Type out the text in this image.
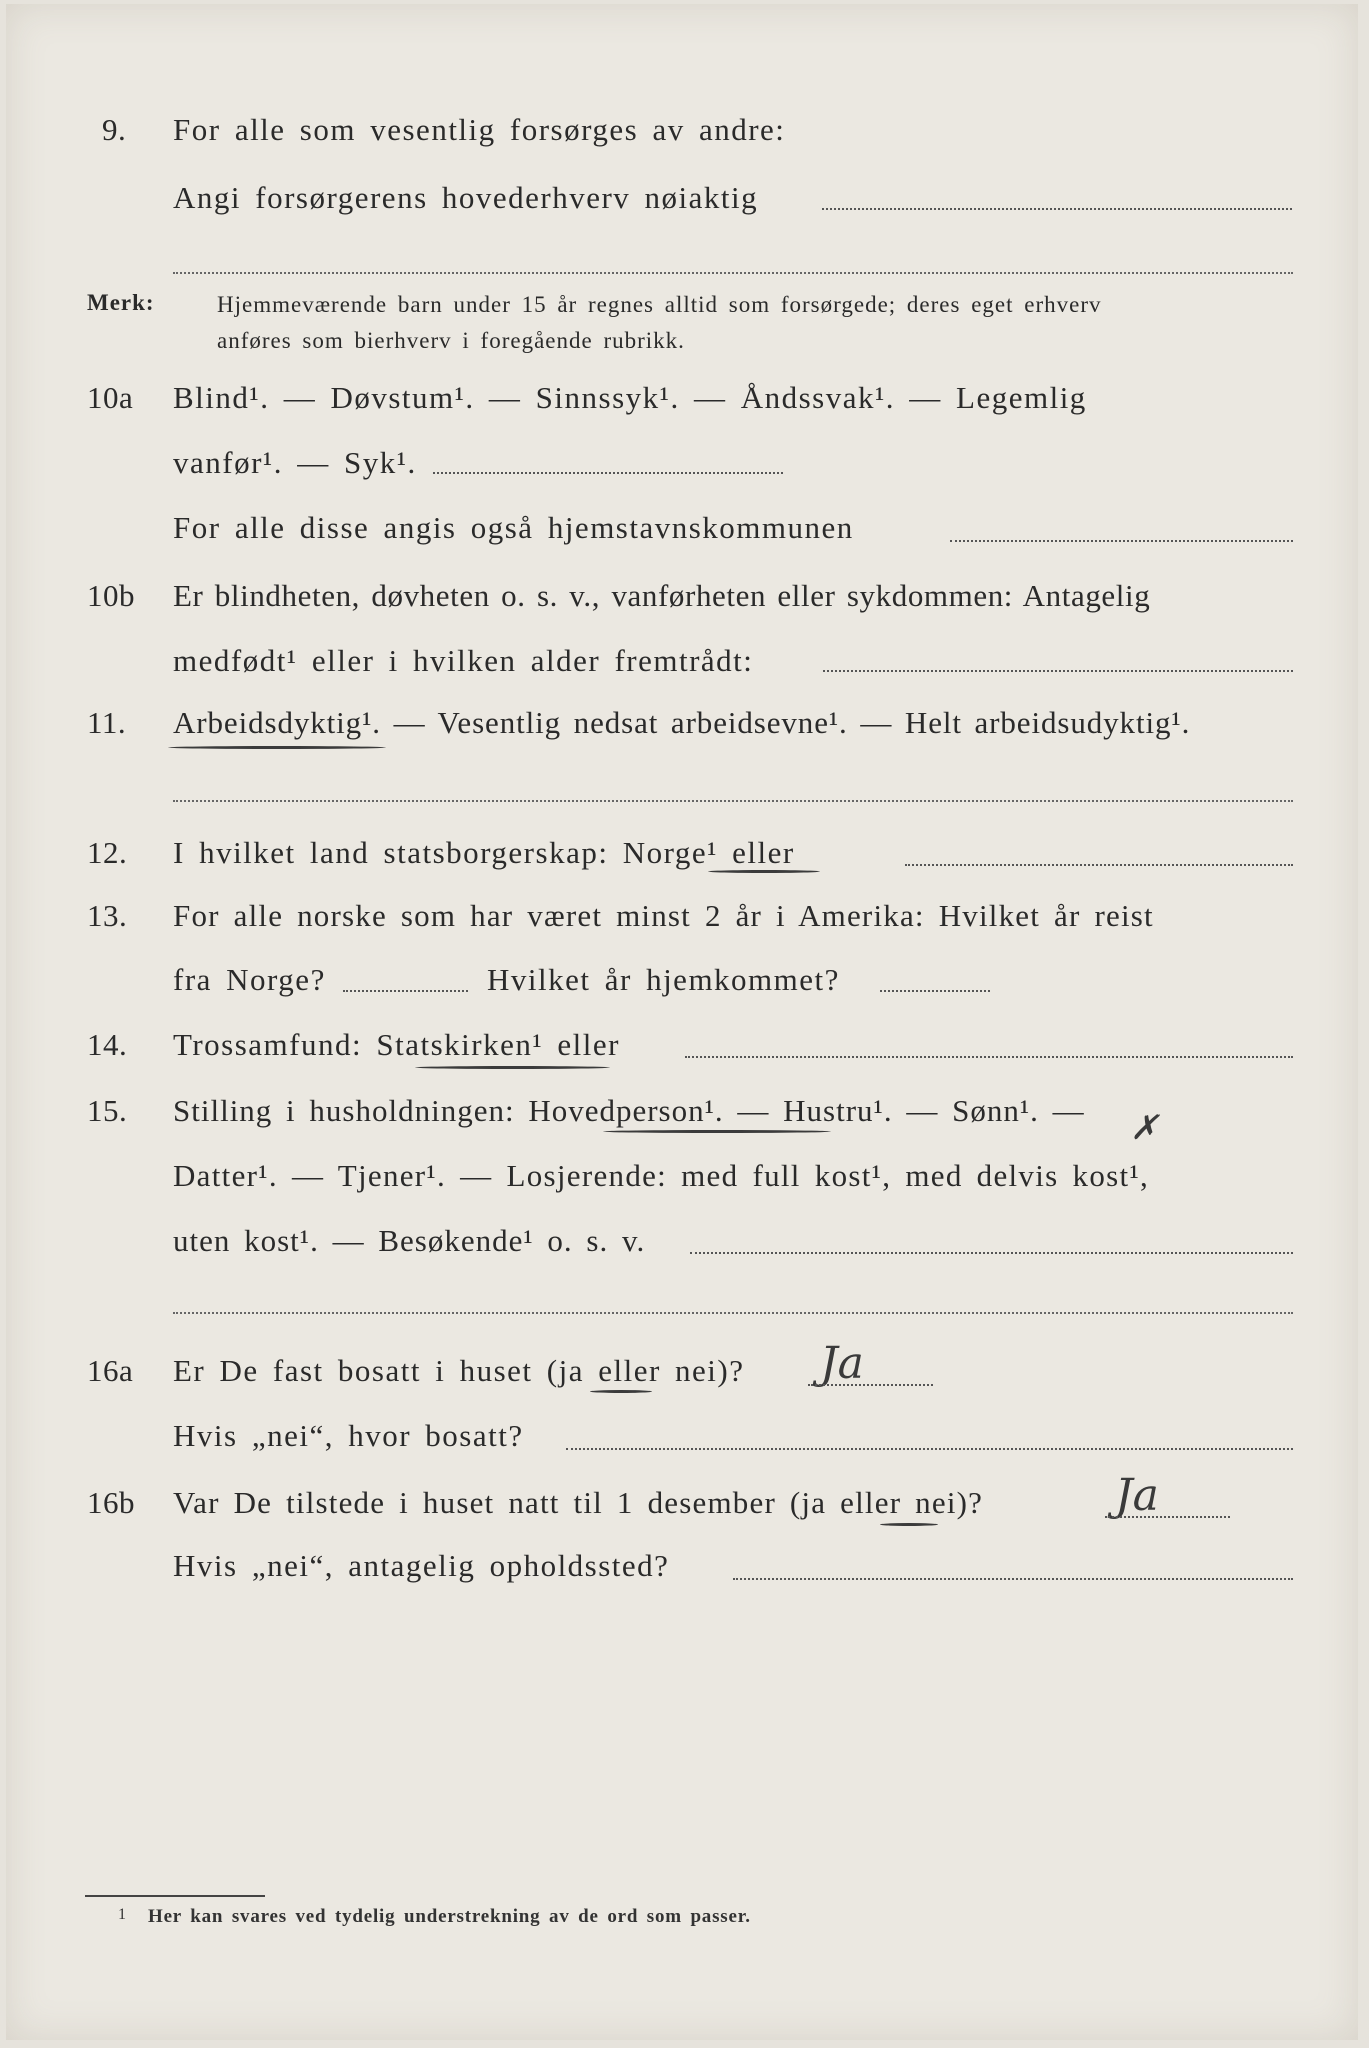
9. For alle som vesentlig forsørges av andre:
Angi forsørgerens hovederhverv nøiaktig
Merk:	Hjemmeværende barn under 15 år regnes alltid som forsørgede; deres eget erhverv
anføres som bierhverv i foregående rubrikk.
10a Blind¹. — Døvstum¹. — Sinnssyk¹. — Åndssvak¹. — Legemlig
vanfør¹. — Syk¹.
For alle disse angis også hjemstavnskommunen
10b Er blindheten, døvheten o. s. v., vanførheten eller sykdommen: Antagelig
medfødt¹ eller i hvilken alder fremtrådt:
11. Arbeidsdyktig¹. — Vesentlig nedsat arbeidsevne¹. — Helt arbeidsudyktig¹.
12. I hvilket land statsborgerskap: Norge¹ eller
13. For alle norske som har været minst 2 år i Amerika: Hvilket år reist
fra Norge?	Hvilket år hjemkommet?
14. Trossamfund: Statskirken¹ eller
15. Stilling i husholdningen: Hovedperson¹. — Hustru¹. — Sønn¹. — ✗
Datter¹. — Tjener¹. — Losjerende: med full kost¹, med delvis kost¹,
uten kost¹. — Besøkende¹ o. s. v.
16a Er De fast bosatt i huset (ja eller nei)? Ja
Hvis „nei“, hvor bosatt?
16b Var De tilstede i huset natt til 1 desember (ja eller nei)?	Ja
Hvis „nei“, antagelig opholdssted?
1 Her kan svares ved tydelig understrekning av de ord som passer.
